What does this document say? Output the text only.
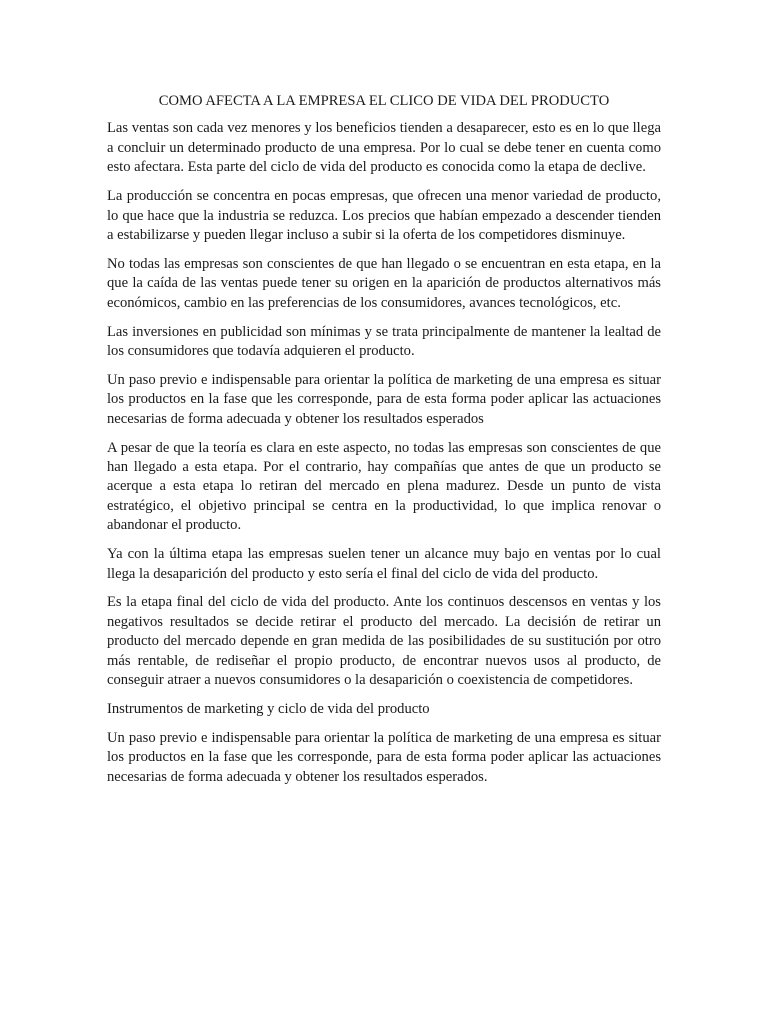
COMO AFECTA A LA EMPRESA EL CLICO DE VIDA DEL PRODUCTO

Las ventas son cada vez menores y los beneficios tienden a desaparecer, esto es en lo que llega a concluir un determinado producto de una empresa. Por lo cual se debe tener en cuenta como esto afectara. Esta parte del ciclo de vida del producto es conocida como la etapa de declive.

La producción se concentra en pocas empresas, que ofrecen una menor variedad de producto, lo que hace que la industria se reduzca. Los precios que habían empezado a descender tienden a estabilizarse y pueden llegar incluso a subir si la oferta de los competidores disminuye.

No todas las empresas son conscientes de que han llegado o se encuentran en esta etapa, en la que la caída de las ventas puede tener su origen en la aparición de productos alternativos más económicos, cambio en las preferencias de los consumidores, avances tecnológicos, etc.

Las inversiones en publicidad son mínimas y se trata principalmente de mantener la lealtad de los consumidores que todavía adquieren el producto.

Un paso previo e indispensable para orientar la política de marketing de una empresa es situar los productos en la fase que les corresponde, para de esta forma poder aplicar las actuaciones necesarias de forma adecuada y obtener los resultados esperados

A pesar de que la teoría es clara en este aspecto, no todas las empresas son conscientes de que han llegado a esta etapa. Por el contrario, hay compañías que antes de que un producto se acerque a esta etapa lo retiran del mercado en plena madurez. Desde un punto de vista estratégico, el objetivo principal se centra en la productividad, lo que implica renovar o abandonar el producto.

Ya con la última etapa las empresas suelen tener un alcance muy bajo en ventas por lo cual llega la desaparición del producto y esto sería el final del ciclo de vida del producto.

Es la etapa final del ciclo de vida del producto. Ante los continuos descensos en ventas y los negativos resultados se decide retirar el producto del mercado. La decisión de retirar un producto del mercado depende en gran medida de las posibilidades de su sustitución por otro más rentable, de rediseñar el propio producto, de encontrar nuevos usos al producto, de conseguir atraer a nuevos consumidores o la desaparición o coexistencia de competidores.

Instrumentos de marketing y ciclo de vida del producto

Un paso previo e indispensable para orientar la política de marketing de una empresa es situar los productos en la fase que les corresponde, para de esta forma poder aplicar las actuaciones necesarias de forma adecuada y obtener los resultados esperados.
